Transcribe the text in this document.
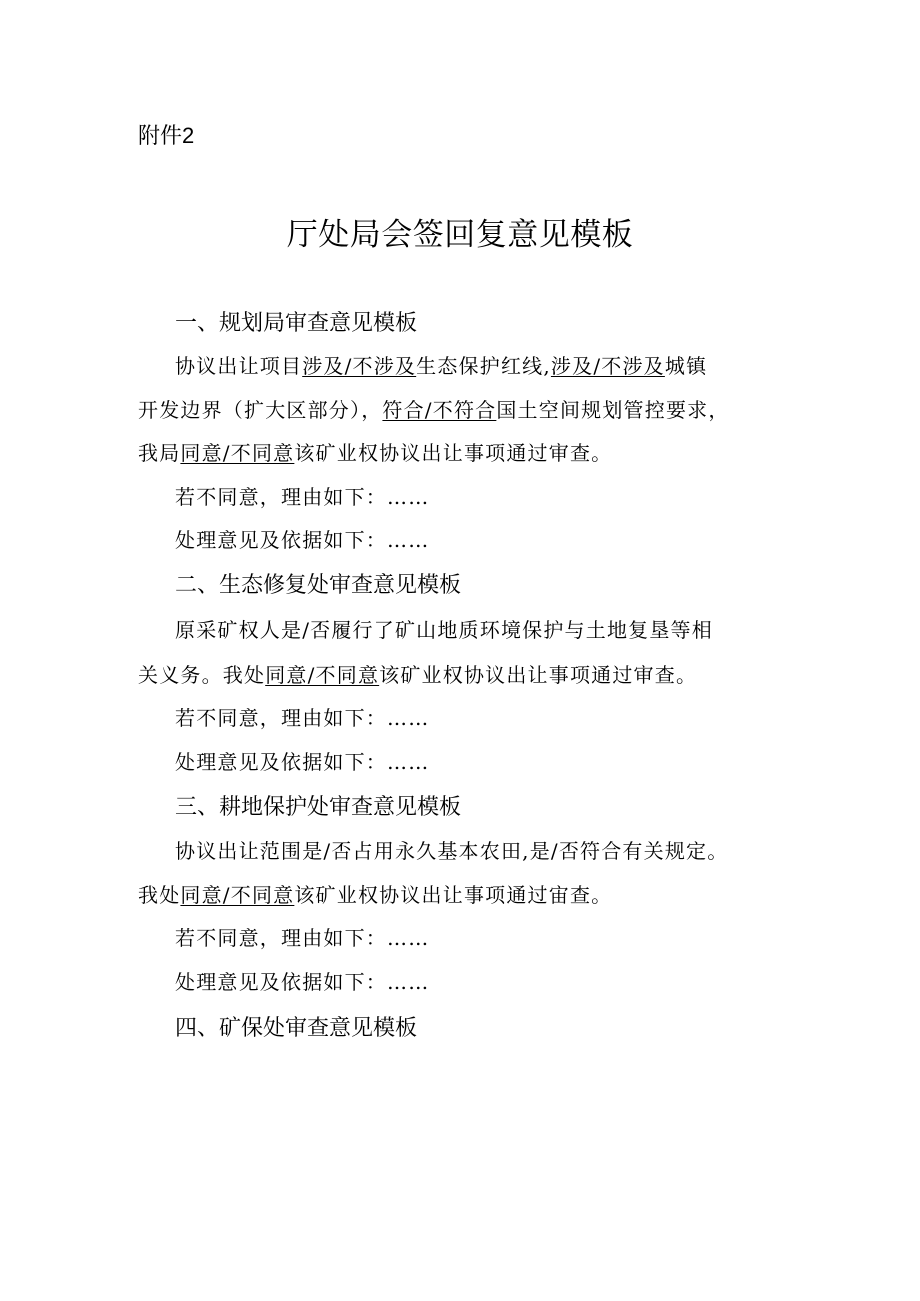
附件2
厅处局会签回复意见模板
一、规划局审查意见模板
协议出让项目涉及/不涉及生态保护红线,涉及/不涉及城镇
开发边界（扩大区部分），符合/不符合国土空间规划管控要求，
我局同意/不同意该矿业权协议出让事项通过审查。
若不同意，理由如下：……
处理意见及依据如下：……
二、生态修复处审查意见模板
原采矿权人是/否履行了矿山地质环境保护与土地复垦等相
关义务。我处同意/不同意该矿业权协议出让事项通过审查。
若不同意，理由如下：……
处理意见及依据如下：……
三、耕地保护处审查意见模板
协议出让范围是/否占用永久基本农田,是/否符合有关规定。
我处同意/不同意该矿业权协议出让事项通过宙查。
若不同意，理由如下：……
处理意见及依据如下：……
四、矿保处审查意见模板
